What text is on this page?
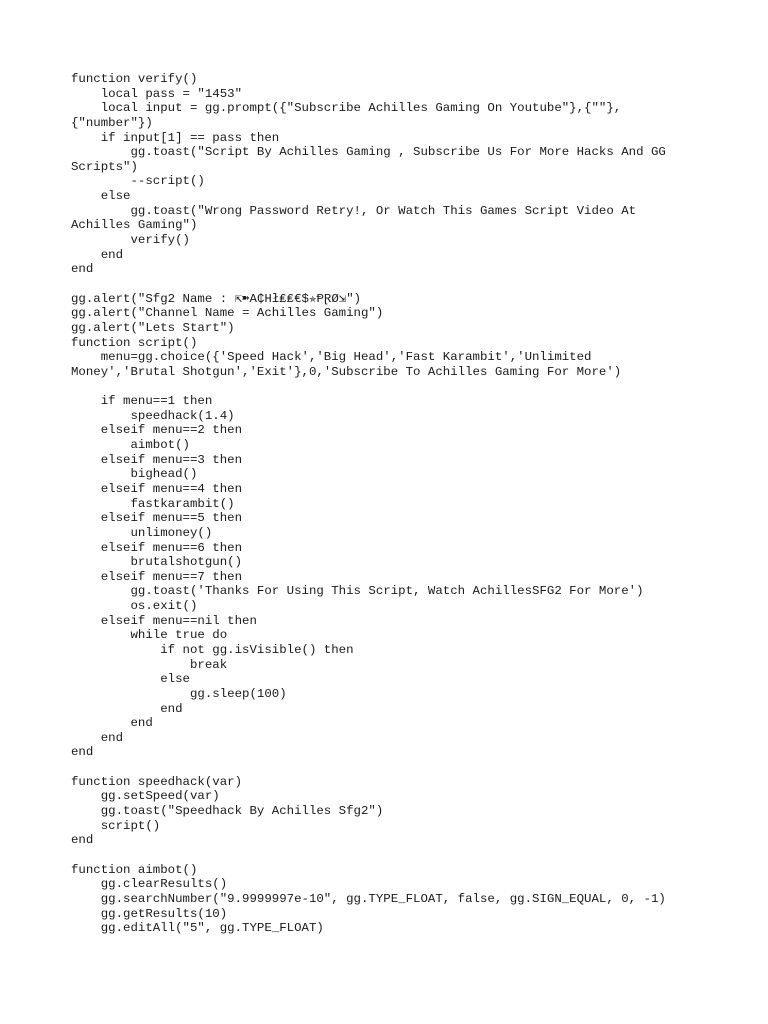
function verify()
local pass = "1453"
local input = gg.prompt({"Subscribe Achilles Gaming On Youtube"},{""},
{"number"})
if input[1] == pass then
gg.toast("Script By Achilles Gaming , Subscribe Us For More Hacks And GG
Scripts")
--script()
else
gg.toast("Wrong Password Retry!, Or Watch This Games Script Video At
Achilles Gaming")
verify()
end
end
gg.alert("Sfg2 Name : ⇱➽A₵Hł₤₤€$✯ⱣⱤØ⇲")
gg.alert("Channel Name = Achilles Gaming")
gg.alert("Lets Start")
function script()
menu=gg.choice({'Speed Hack','Big Head','Fast Karambit','Unlimited
Money','Brutal Shotgun','Exit'},0,'Subscribe To Achilles Gaming For More')
if menu==1 then
speedhack(1.4)
elseif menu==2 then
aimbot()
elseif menu==3 then
bighead()
elseif menu==4 then
fastkarambit()
elseif menu==5 then
unlimoney()
elseif menu==6 then
brutalshotgun()
elseif menu==7 then
gg.toast('Thanks For Using This Script, Watch AchillesSFG2 For More')
os.exit()
elseif menu==nil then
while true do
if not gg.isVisible() then
break
else
gg.sleep(100)
end
end
end
end
function speedhack(var)
gg.setSpeed(var)
gg.toast("Speedhack By Achilles Sfg2")
script()
end
function aimbot()
gg.clearResults()
gg.searchNumber("9.9999997e-10", gg.TYPE_FLOAT, false, gg.SIGN_EQUAL, 0, -1)
gg.getResults(10)
gg.editAll("5", gg.TYPE_FLOAT)
